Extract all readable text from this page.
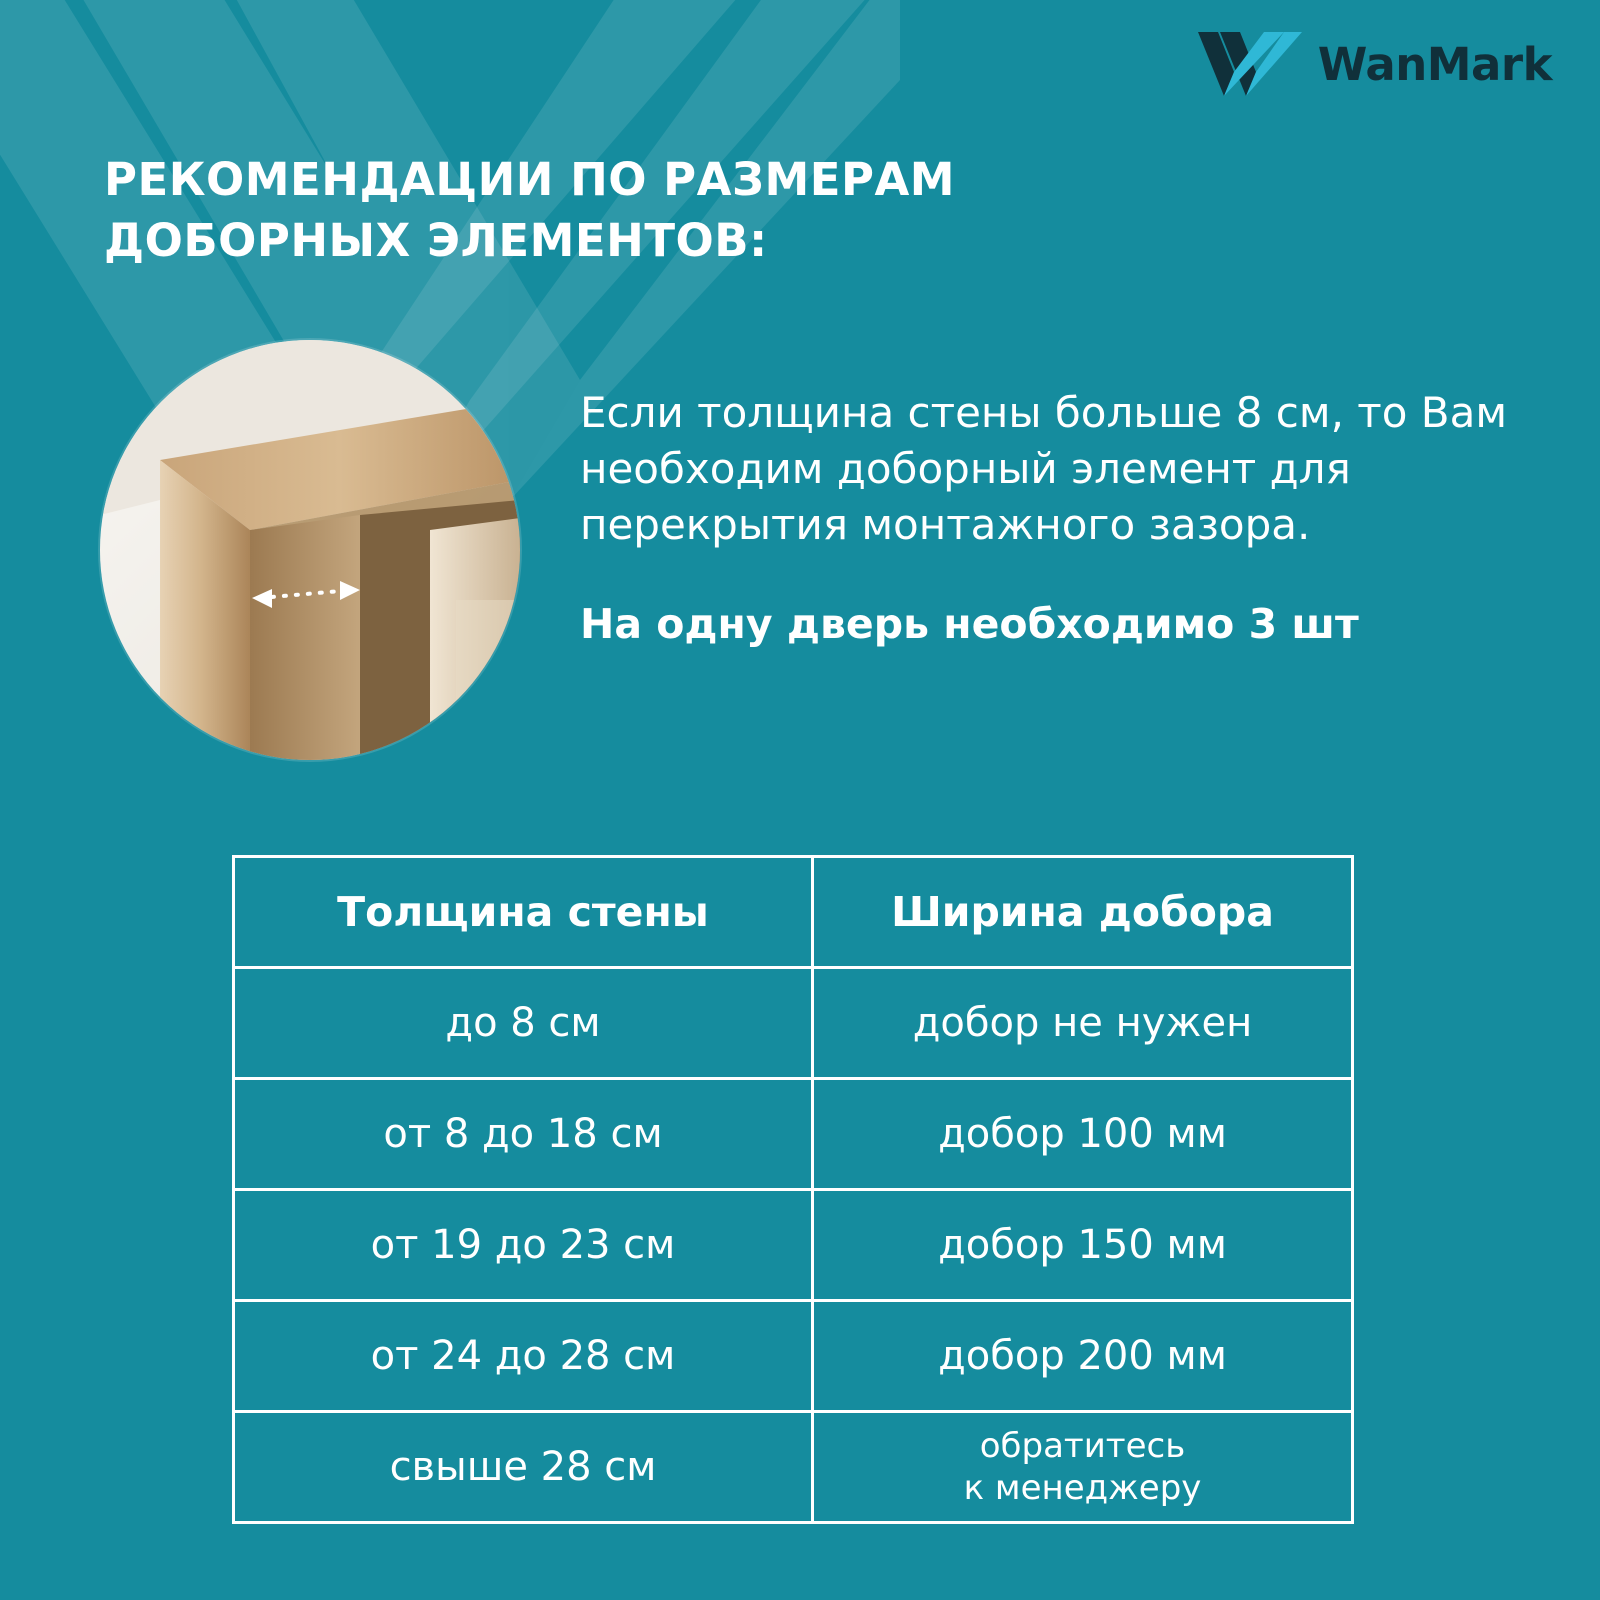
WanMark
РЕКОМЕНДАЦИИ ПО РАЗМЕРАМ ДОБОРНЫХ ЭЛЕМЕНТОВ:
Если толщина стены больше 8 см, то Вам необходим доборный элемент для перекрытия монтажного зазора.
На одну дверь необходимо 3 шт
Толщина стены	Ширина добора
до 8 см	добор не нужен
от 8 до 18 см	добор 100 мм
от 19 до 23 см	добор 150 мм
от 24 до 28 см	добор 200 мм
свыше 28 см	обратитесь
к менеджеру
